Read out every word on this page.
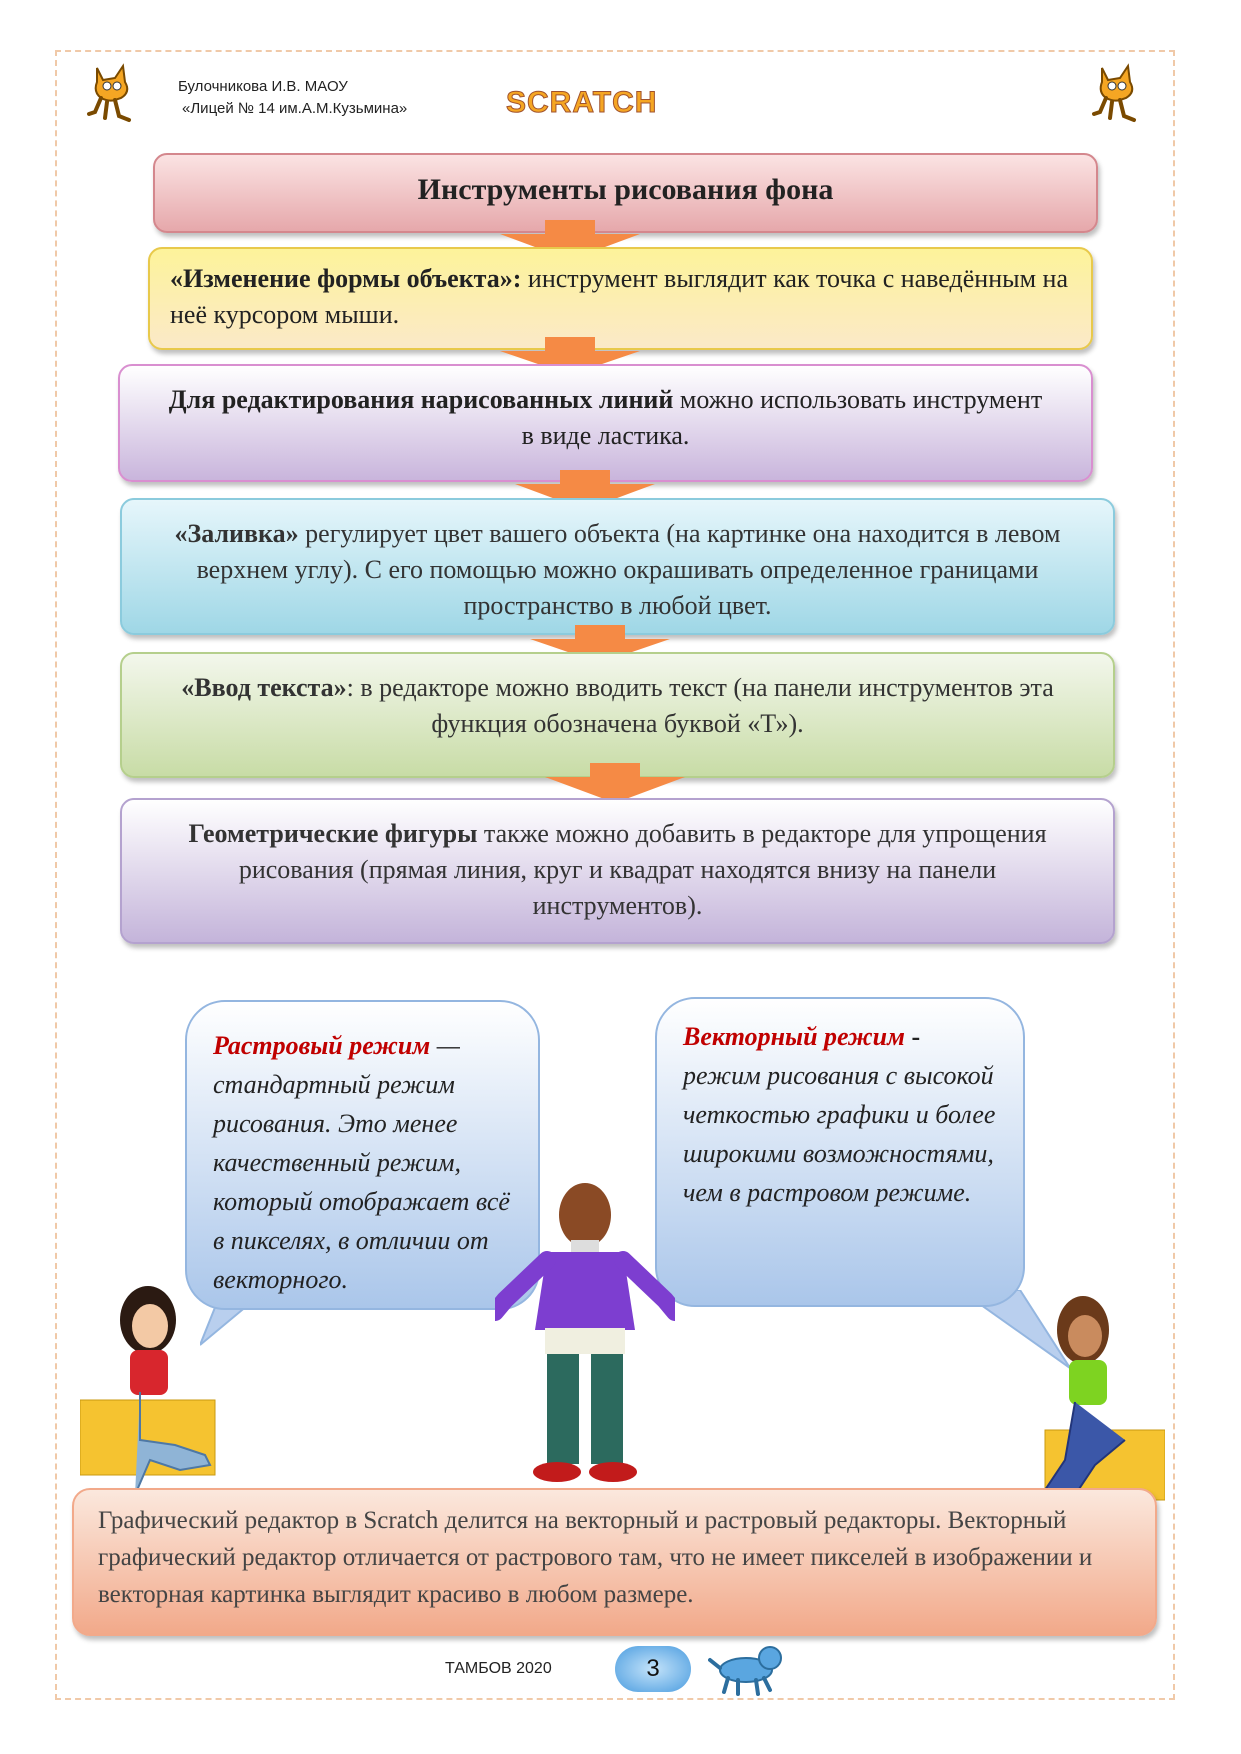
Булочникова И.В. МАОУ
«Лицей № 14 им.А.М.Кузьмина»	SCRATCH
Инструменты рисования фона
«Изменение формы объекта»: инструмент выглядит как точка с наведённым на неё курсором мыши.
Для редактирования нарисованных линий можно использовать инструмент в виде ластика.
«Заливка» регулирует цвет вашего объекта (на картинке она находится в левом верхнем углу). С его помощью можно окрашивать определенное границами пространство в любой цвет.
«Ввод текста»: в редакторе можно вводить текст (на панели инструментов эта функция обозначена буквой «Т»).
Геометрические фигуры также можно добавить в редакторе для упрощения рисования (прямая линия, круг и квадрат находятся внизу на панели инструментов).
Растровый режим —
стандартный режим рисования. Это менее качественный режим, который отображает всё в пикселях, в отличии от векторного.
Векторный режим -
режим рисования с высокой четкостью графики и более широкими возможностями, чем в растровом режиме.
Графический редактор в Scratch делится на векторный и растровый редакторы. Векторный графический редактор отличается от растрового там, что не имеет пикселей в изображении и векторная картинка выглядит красиво в любом размере.
ТАМБОВ 2020	3
